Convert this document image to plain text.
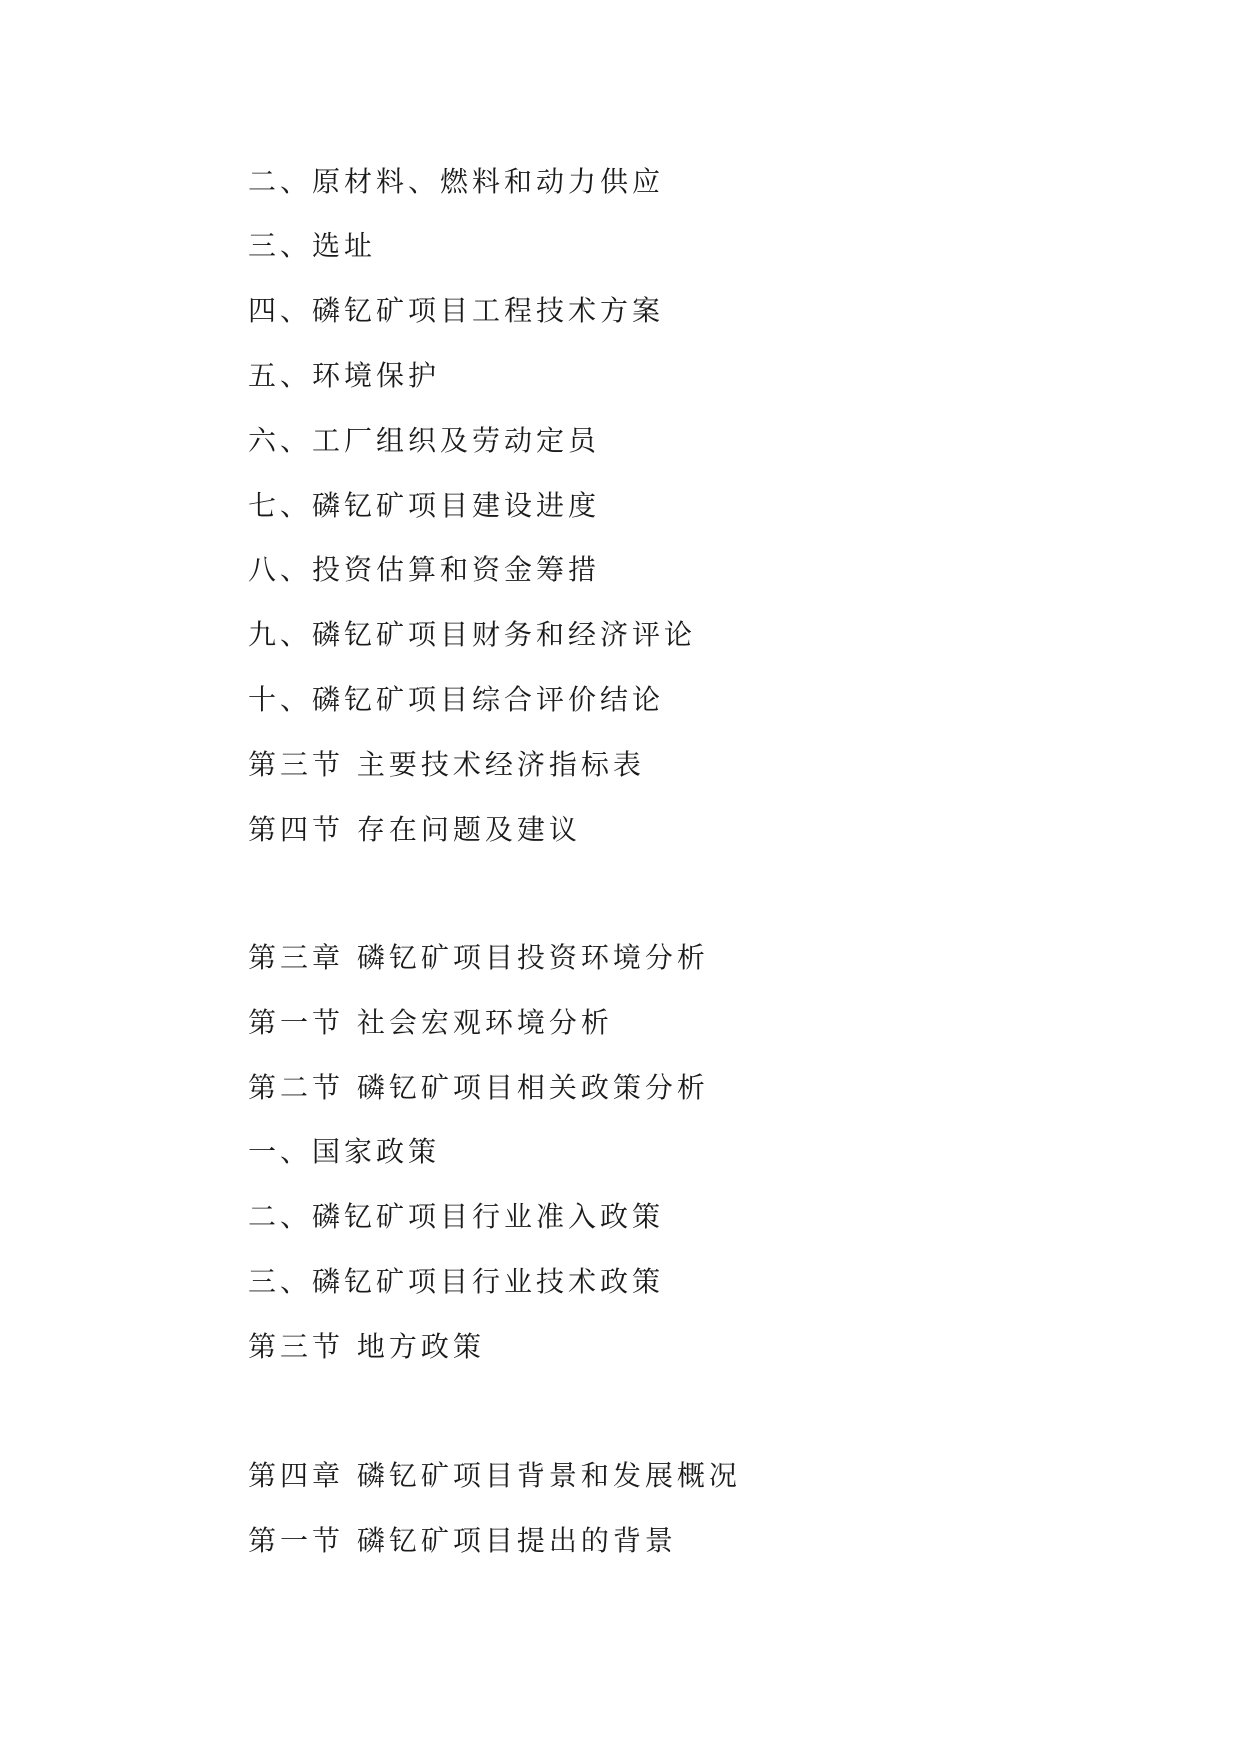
二、原材料、燃料和动力供应
三、选址
四、磷钇矿项目工程技术方案
五、环境保护
六、工厂组织及劳动定员
七、磷钇矿项目建设进度
八、投资估算和资金筹措
九、磷钇矿项目财务和经济评论
十、磷钇矿项目综合评价结论
第三节 主要技术经济指标表
第四节 存在问题及建议
第三章 磷钇矿项目投资环境分析
第一节 社会宏观环境分析
第二节 磷钇矿项目相关政策分析
一、国家政策
二、磷钇矿项目行业准入政策
三、磷钇矿项目行业技术政策
第三节 地方政策
第四章 磷钇矿项目背景和发展概况
第一节 磷钇矿项目提出的背景
